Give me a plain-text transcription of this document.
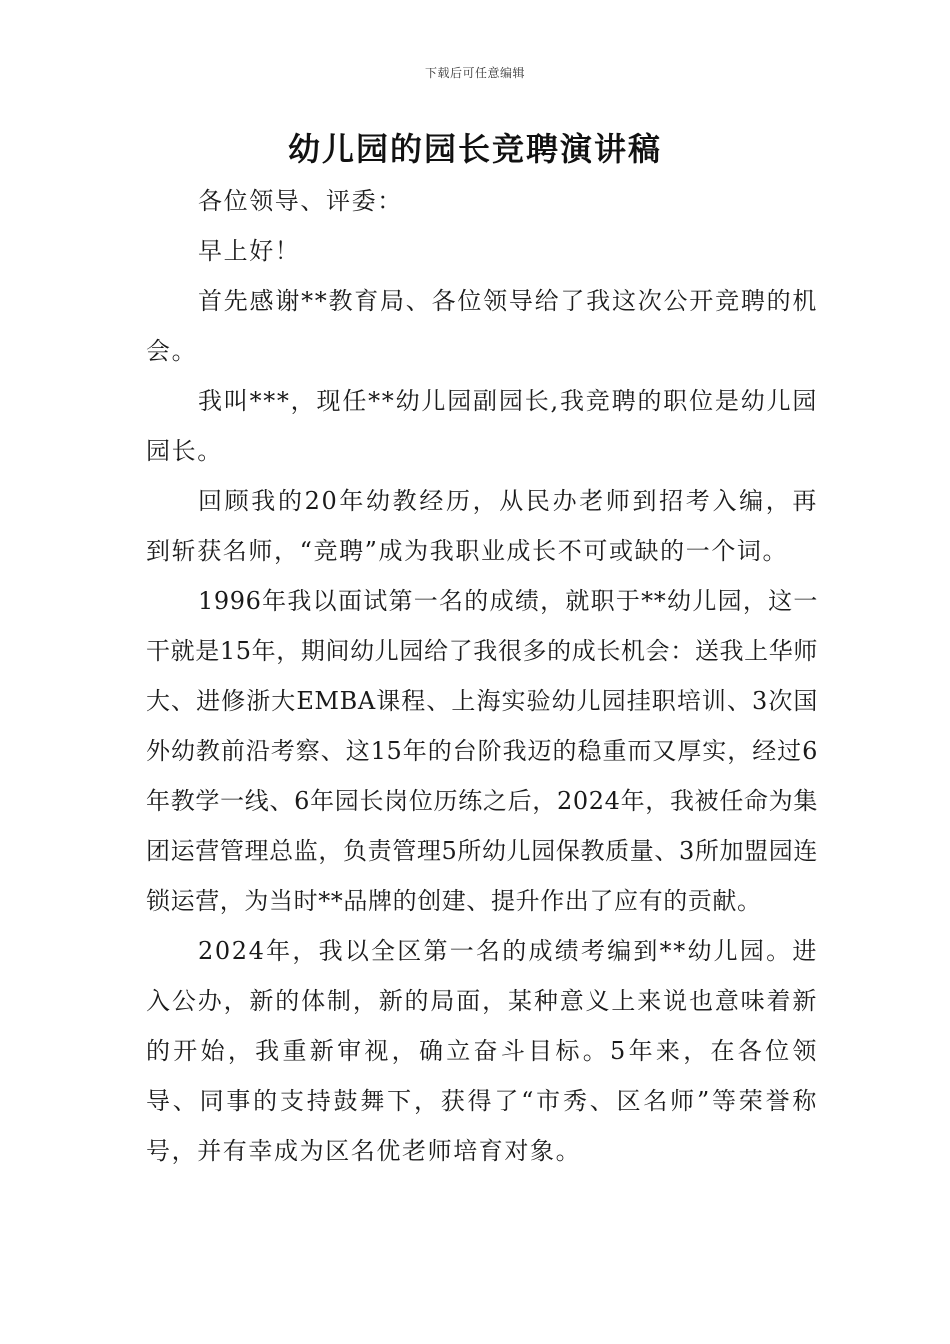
下载后可任意编辑
幼儿园的园长竞聘演讲稿

各位领导、评委：

早上好！

首先感谢**教育局、各位领导给了我这次公开竞聘的机会。

我叫***，现任**幼儿园副园长,我竞聘的职位是幼儿园园长。

回顾我的20年幼教经历，从民办老师到招考入编，再到斩获名师，“竞聘”成为我职业成长不可或缺的一个词。

1996年我以面试第一名的成绩，就职于**幼儿园，这一干就是15年，期间幼儿园给了我很多的成长机会：送我上华师大、进修浙大EMBA课程、上海实验幼儿园挂职培训、3次国外幼教前沿考察、这15年的台阶我迈的稳重而又厚实，经过6年教学一线、6年园长岗位历练之后，2024年，我被任命为集团运营管理总监，负责管理5所幼儿园保教质量、3所加盟园连锁运营，为当时**品牌的创建、提升作出了应有的贡献。

2024年，我以全区第一名的成绩考编到**幼儿园。进入公办，新的体制，新的局面，某种意义上来说也意味着新的开始，我重新审视，确立奋斗目标。5年来，在各位领导、同事的支持鼓舞下，获得了“市秀、区名师”等荣誉称号，并有幸成为区名优老师培育对象。
